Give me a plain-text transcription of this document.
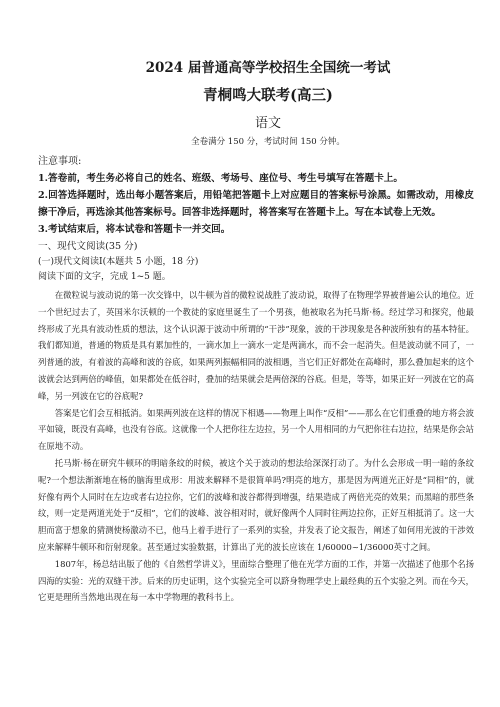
2024 届普通高等学校招生全国统一考试
青桐鸣大联考(高三)
语文
全卷满分 150 分，考试时间 150 分钟。
注意事项:
1.答卷前，考生务必将自己的姓名、班级、考场号、座位号、考生号填写在答题卡上。
2.回答选择题时，选出每小题答案后，用铅笔把答题卡上对应题目的答案标号涂黑。如需改动，用橡皮擦干净后，再选涂其他答案标号。回答非选择题时，将答案写在答题卡上。写在本试卷上无效。
3.考试结束后，将本试卷和答题卡一并交回。
一、现代文阅读(35 分)
(一)现代文阅读Ⅰ(本题共 5 小题，18 分)
阅读下面的文字，完成 1~5 题。

在微粒说与波动说的第一次交锋中，以牛顿为首的微粒说战胜了波动说，取得了在物理学界被普遍公认的地位。近一个世纪过去了，英国米尔沃顿的一个教徒的家庭里诞生了一个男孩，他被取名为托马斯·杨。经过学习和探究，他最终形成了光具有波动性质的想法，这个认识源于波动中所谓的“干涉”现象，波的干涉现象是各种波所独有的基本特征。我们都知道，普通的物质是具有累加性的，一滴水加上一滴水一定是两滴水，而不会一起消失。但是波动就不同了，一列普通的波，有着波的高峰和波的谷底，如果两列振幅相同的波相遇，当它们正好都处在高峰时，那么叠加起来的这个波就会达到两倍的峰值，如果都处在低谷时，叠加的结果就会是两倍深的谷底。但是，等等，如果正好一列波在它的高峰，另一列波在它的谷底呢?

答案是它们会互相抵消。如果两列波在这样的情况下相遇——物理上叫作“反相”——那么在它们重叠的地方将会波平如镜，既没有高峰，也没有谷底。这就像一个人把你往左边拉，另一个人用相同的力气把你往右边拉，结果是你会站在原地不动。

托马斯·杨在研究牛顿环的明暗条纹的时候，被这个关于波动的想法给深深打动了。为什么会形成一明一暗的条纹呢?一个想法渐渐地在杨的脑海里成形：用波来解释不是很简单吗?明亮的地方，那是因为两道光正好是“同相”的，就好像有两个人同时在左边或者右边拉你，它们的波峰和波谷都得到增强，结果造成了两倍光亮的效果；而黑暗的那些条纹，则一定是两道光处于“反相”，它们的波峰、波谷相对时，就好像两个人同时往两边拉你，正好互相抵消了。这一大胆而富于想象的猜测使杨激动不已，他马上着手进行了一系列的实验，并发表了论文报告，阐述了如何用光波的干涉效应来解释牛顿环和衍射现象。甚至通过实验数据，计算出了光的波长应该在 1/60000~1/36000英寸之间。

1807年，杨总结出版了他的《自然哲学讲义》，里面综合整理了他在光学方面的工作，并第一次描述了他那个名扬四海的实验：光的双缝干涉。后来的历史证明，这个实验完全可以跻身物理学史上最经典的五个实验之列。而在今天，它更是理所当然地出现在每一本中学物理的教科书上。
